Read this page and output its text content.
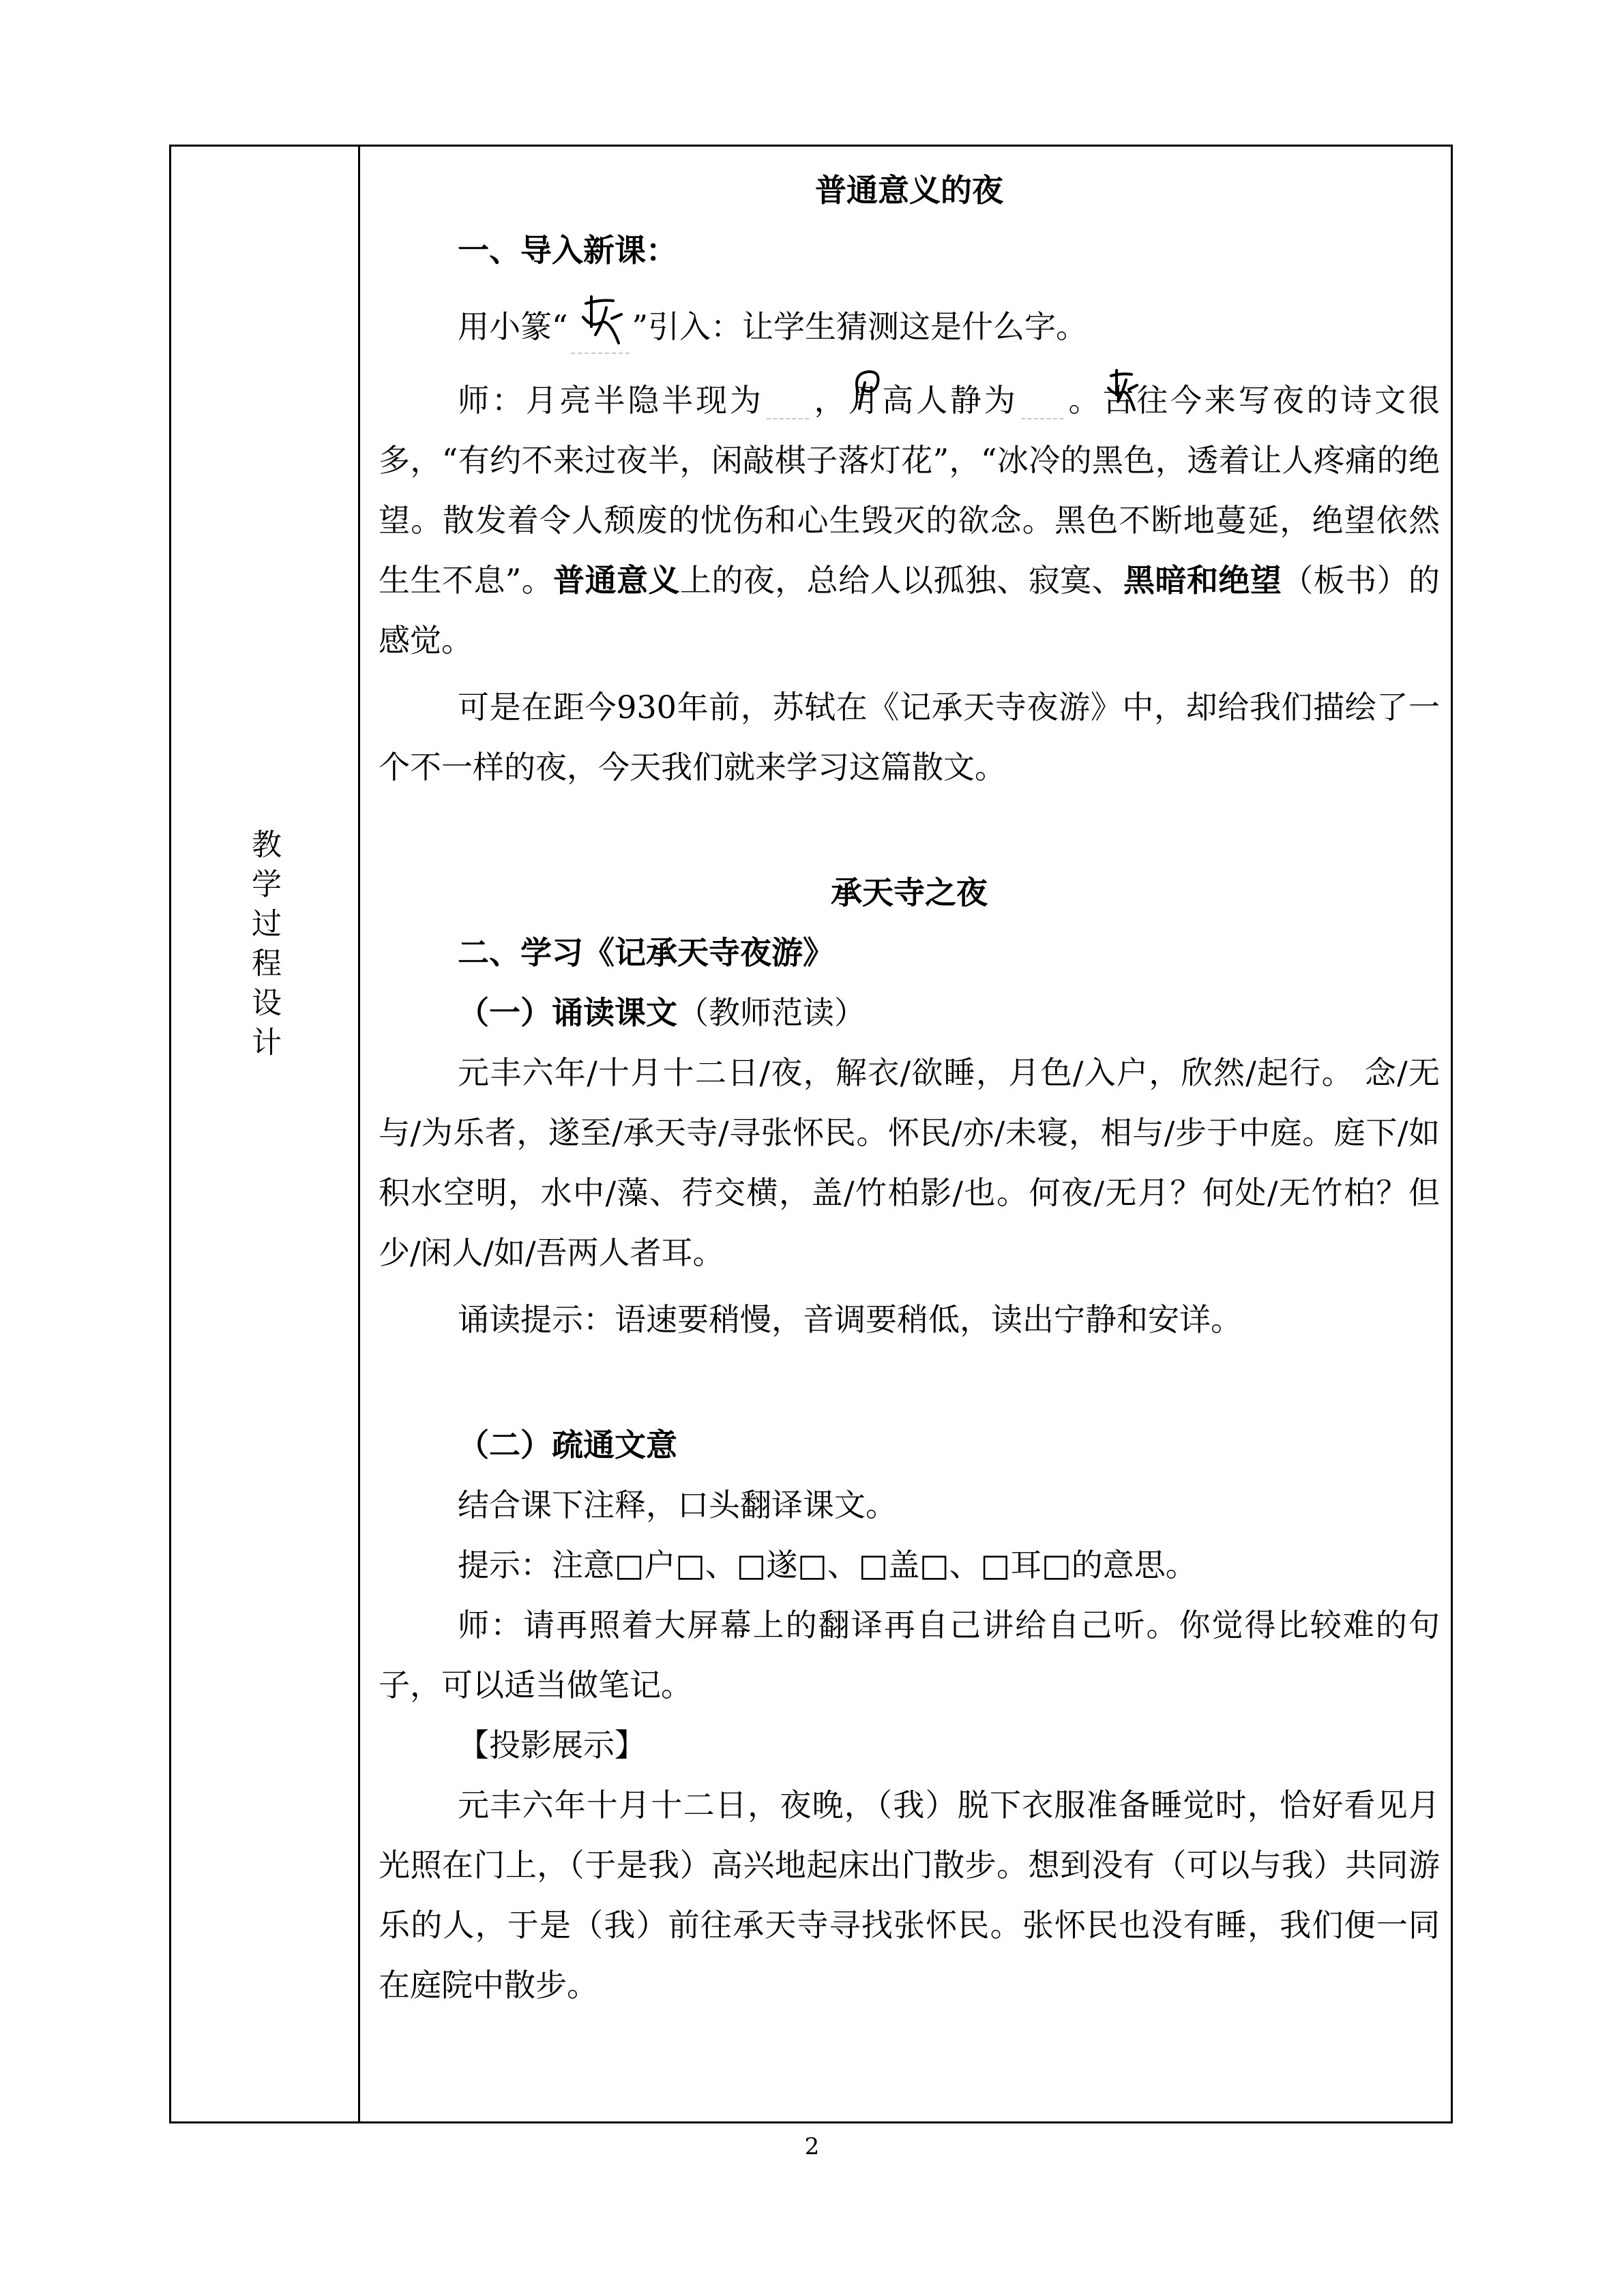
教学过程设计

普通意义的夜

一、导入新课：

用小篆“ ”引入：让学生猜测这是什么字。

师：月亮半隐半现为 ，月高人静为 。古往今来写夜的诗文很多，“有约不来过夜半，闲敲棋子落灯花”，“冰冷的黑色，透着让人疼痛的绝望。散发着令人颓废的忧伤和心生毁灭的欲念。黑色不断地蔓延，绝望依然生生不息”。普通意义上的夜，总给人以孤独、寂寞、黑暗和绝望（板书）的感觉。

可是在距今930年前，苏轼在《记承天寺夜游》中，却给我们描绘了一个不一样的夜，今天我们就来学习这篇散文。

承天寺之夜

二、学习《记承天寺夜游》

（一）诵读课文（教师范读）

元丰六年/十月十二日/夜，解衣/欲睡，月色/入户，欣然/起行。 念/无与/为乐者，遂至/承天寺/寻张怀民。怀民/亦/未寝，相与/步于中庭。庭下/如积水空明，水中/藻、荇交横，盖/竹柏影/也。何夜/无月？何处/无竹柏？但少/闲人/如/吾两人者耳。

诵读提示：语速要稍慢，音调要稍低，读出宁静和安详。

（二）疏通文意

结合课下注释，口头翻译课文。

提示：注意□户□、□遂□、□盖□、□耳□的意思。

师：请再照着大屏幕上的翻译再自己讲给自己听。你觉得比较难的句子，可以适当做笔记。

【投影展示】

元丰六年十月十二日，夜晚，（我）脱下衣服准备睡觉时，恰好看见月光照在门上，（于是我）高兴地起床出门散步。想到没有（可以与我）共同游乐的人，于是（我）前往承天寺寻找张怀民。张怀民也没有睡，我们便一同在庭院中散步。

2
